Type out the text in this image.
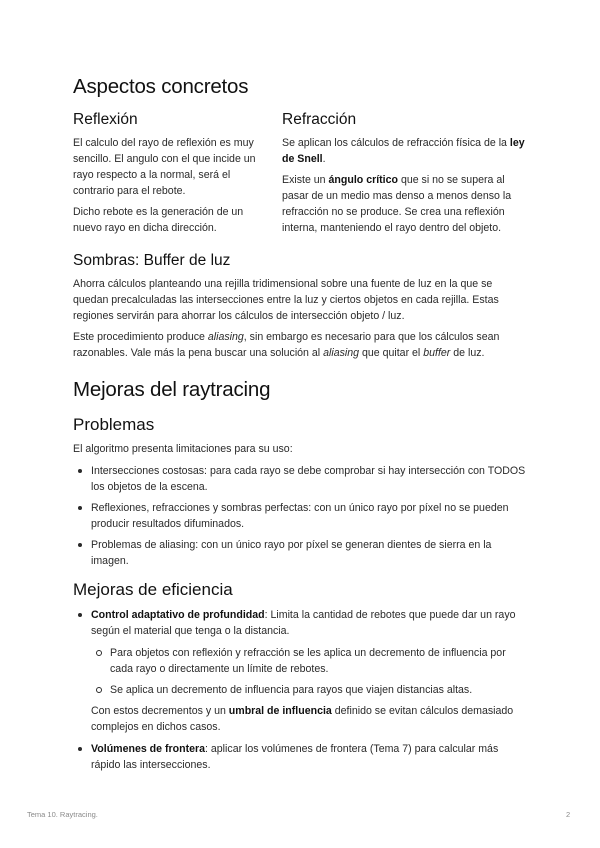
Aspectos concretos
Reflexión

El calculo del rayo de reflexión es muy sencillo. El angulo con el que incide un rayo respecto a la normal, será el contrario para el rebote.

Dicho rebote es la generación de un nuevo rayo en dicha dirección.

Refracción

Se aplican los cálculos de refracción física de la ley de Snell.

Existe un ángulo crítico que si no se supera al pasar de un medio mas denso a menos denso la refracción no se produce. Se crea una reflexión interna, manteniendo el rayo dentro del objeto.

Sombras: Buffer de luz

Ahorra cálculos planteando una rejilla tridimensional sobre una fuente de luz en la que se quedan precalculadas las intersecciones entre la luz y ciertos objetos en cada rejilla. Estas regiones servirán para ahorrar los cálculos de intersección objeto / luz.

Este procedimiento produce aliasing, sin embargo es necesario para que los cálculos sean razonables. Vale más la pena buscar una solución al aliasing que quitar el buffer de luz.

Mejoras del raytracing
Problemas

El algoritmo presenta limitaciones para su uso:

Intersecciones costosas: para cada rayo se debe comprobar si hay intersección con TODOS los objetos de la escena.
Reflexiones, refracciones y sombras perfectas: con un único rayo por píxel no se pueden producir resultados difuminados.
Problemas de aliasing: con un único rayo por píxel se generan dientes de sierra en la imagen.
Mejoras de eficiencia
Control adaptativo de profundidad: Limita la cantidad de rebotes que puede dar un rayo según el material que tenga o la distancia.
Para objetos con reflexión y refracción se les aplica un decremento de influencia por cada rayo o directamente un límite de rebotes.
Se aplica un decremento de influencia para rayos que viajen distancias altas.

Con estos decrementos y un umbral de influencia definido se evitan cálculos demasiado complejos en dichos casos.

Volúmenes de frontera: aplicar los volúmenes de frontera (Tema 7) para calcular más rápido las intersecciones.
Tema 10. Raytracing.	2
